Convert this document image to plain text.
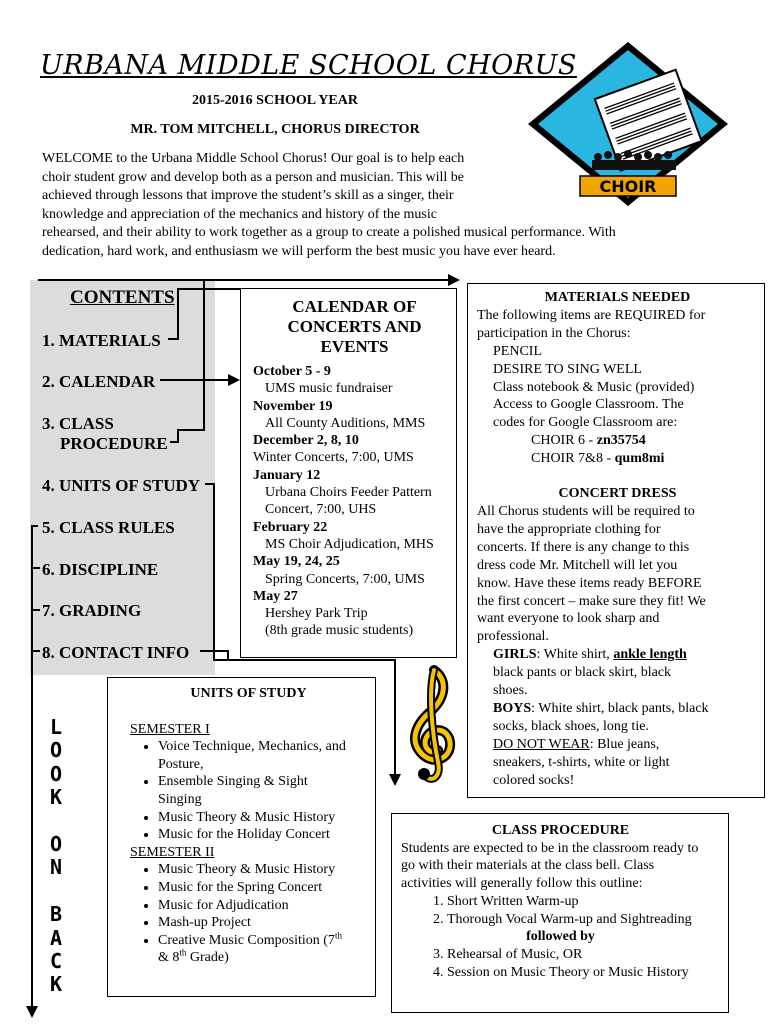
URBANA MIDDLE SCHOOL CHORUS
2015-2016 SCHOOL YEAR
MR. TOM MITCHELL, CHORUS DIRECTOR
WELCOME to the Urbana Middle School Chorus! Our goal is to help each
choir student grow and develop both as a person and musician. This will be
achieved through lessons that improve the student’s skill as a singer, their
knowledge and appreciation of the mechanics and history of the music
rehearsed, and their ability to work together as a group to create a polished musical performance. With
dedication, hard work, and enthusiasm we will perform the best music you have ever heard.
CHOIR
CONTENTS
1. MATERIALS
2. CALENDAR
3. CLASS
PROCEDURE
4. UNITS OF STUDY
5. CLASS RULES
6. DISCIPLINE
7. GRADING
8. CONTACT INFO
L
O
O
K

O
N

B
A
C
K
CALENDAR OF
CONCERTS AND
EVENTS
October 5 - 9
UMS music fundraiser
November 19
All County Auditions, MMS
December 2, 8, 10
Winter Concerts, 7:00, UMS
January 12
Urbana Choirs Feeder Pattern
Concert, 7:00, UHS
February 22
MS Choir Adjudication, MHS
May 19, 24, 25
Spring Concerts, 7:00, UMS
May 27
Hershey Park Trip
(8th grade music students)
MATERIALS NEEDED
The following items are REQUIRED for
participation in the Chorus:
PENCIL
DESIRE TO SING WELL
Class notebook & Music (provided)
Access to Google Classroom. The
codes for Google Classroom are:
CHOIR 6 - zn35754
CHOIR 7&8 - qum8mi
CONCERT DRESS
All Chorus students will be required to
have the appropriate clothing for
concerts. If there is any change to this
dress code Mr. Mitchell will let you
know. Have these items ready BEFORE
the first concert – make sure they fit! We
want everyone to look sharp and
professional.
GIRLS: White shirt, ankle length
black pants or black skirt, black
shoes.
BOYS: White shirt, black pants, black
socks, black shoes, long tie.
DO NOT WEAR: Blue jeans,
sneakers, t-shirts, white or light
colored socks!
UNITS OF STUDY
SEMESTER I
• Voice Technique, Mechanics, and
Posture,
• Ensemble Singing & Sight
Singing
• Music Theory & Music History
• Music for the Holiday Concert
SEMESTER II
• Music Theory & Music History
• Music for the Spring Concert
• Music for Adjudication
• Mash-up Project
• Creative Music Composition (7th
& 8th Grade)
CLASS PROCEDURE
Students are expected to be in the classroom ready to
go with their materials at the class bell. Class
activities will generally follow this outline:
1. Short Written Warm-up
2. Thorough Vocal Warm-up and Sightreading
followed by
3. Rehearsal of Music, OR
4. Session on Music Theory or Music History
